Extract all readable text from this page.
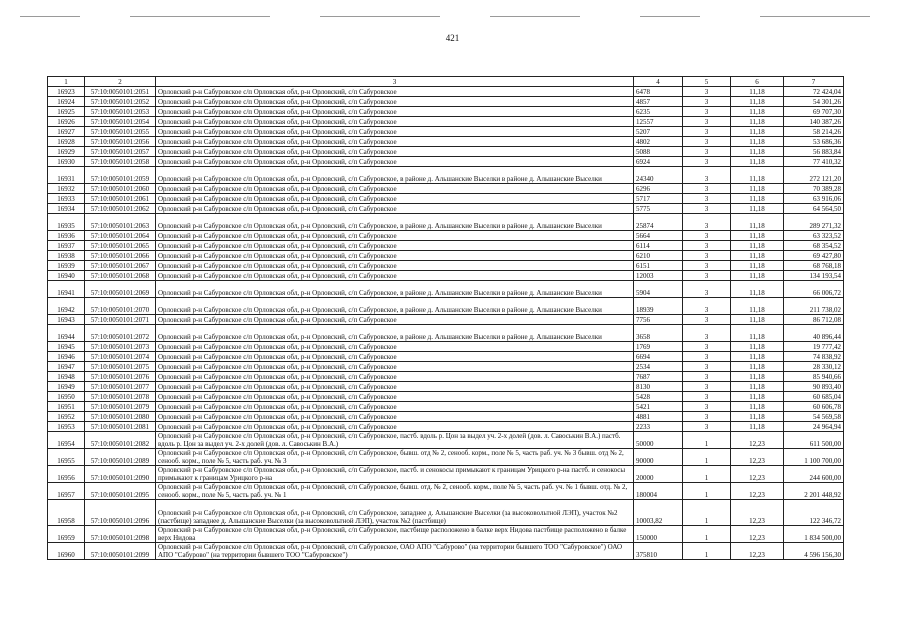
421
1	2	3	4	5	6	7
16923	57:10:0050101:2051	Орловский р-н Сабуровское с/п Орловская обл, р-н Орловский, с/п Сабуровское	6478	3	11,18	72 424,04
16924	57:10:0050101:2052	Орловский р-н Сабуровское с/п Орловская обл, р-н Орловский, с/п Сабуровское	4857	3	11,18	54 301,26
16925	57:10:0050101:2053	Орловский р-н Сабуровское с/п Орловская обл, р-н Орловский, с/п Сабуровское	6235	3	11,18	69 707,30
16926	57:10:0050101:2054	Орловский р-н Сабуровское с/п Орловская обл, р-н Орловский, с/п Сабуровское	12557	3	11,18	140 387,26
16927	57:10:0050101:2055	Орловский р-н Сабуровское с/п Орловская обл, р-н Орловский, с/п Сабуровское	5207	3	11,18	58 214,26
16928	57:10:0050101:2056	Орловский р-н Сабуровское с/п Орловская обл, р-н Орловский, с/п Сабуровское	4802	3	11,18	53 686,36
16929	57:10:0050101:2057	Орловский р-н Сабуровское с/п Орловская обл, р-н Орловский, с/п Сабуровское	5088	3	11,18	56 883,84
16930	57:10:0050101:2058	Орловский р-н Сабуровское с/п Орловская обл, р-н Орловский, с/п Сабуровское	6924	3	11,18	77 410,32
16931	57:10:0050101:2059	Орловский р-н Сабуровское с/п Орловская обл, р-н Орловский, с/п Сабуровское, в районе д. Альшанские Выселки в районе д. Альшанские Выселки	24340	3	11,18	272 121,20
16932	57:10:0050101:2060	Орловский р-н Сабуровское с/п Орловская обл, р-н Орловский, с/п Сабуровское	6296	3	11,18	70 389,28
16933	57:10:0050101:2061	Орловский р-н Сабуровское с/п Орловская обл, р-н Орловский, с/п Сабуровское	5717	3	11,18	63 916,06
16934	57:10:0050101:2062	Орловский р-н Сабуровское с/п Орловская обл, р-н Орловский, с/п Сабуровское	5775	3	11,18	64 564,50
16935	57:10:0050101:2063	Орловский р-н Сабуровское с/п Орловская обл, р-н Орловский, с/п Сабуровское, в районе д. Альшанские Выселки в районе д. Альшанские Выселки	25874	3	11,18	289 271,32
16936	57:10:0050101:2064	Орловский р-н Сабуровское с/п Орловская обл, р-н Орловский, с/п Сабуровское	5664	3	11,18	63 323,52
16937	57:10:0050101:2065	Орловский р-н Сабуровское с/п Орловская обл, р-н Орловский, с/п Сабуровское	6114	3	11,18	68 354,52
16938	57:10:0050101:2066	Орловский р-н Сабуровское с/п Орловская обл, р-н Орловский, с/п Сабуровское	6210	3	11,18	69 427,80
16939	57:10:0050101:2067	Орловский р-н Сабуровское с/п Орловская обл, р-н Орловский, с/п Сабуровское	6151	3	11,18	68 768,18
16940	57:10:0050101:2068	Орловский р-н Сабуровское с/п Орловская обл, р-н Орловский, с/п Сабуровское	12003	3	11,18	134 193,54
16941	57:10:0050101:2069	Орловский р-н Сабуровское с/п Орловская обл, р-н Орловский, с/п Сабуровское, в районе д. Альшанские Выселки в районе д. Альшанские Выселки	5904	3	11,18	66 006,72
16942	57:10:0050101:2070	Орловский р-н Сабуровское с/п Орловская обл, р-н Орловский, с/п Сабуровское, в районе д. Альшанские Выселки в районе д. Альшанские Выселки	18939	3	11,18	211 738,02
16943	57:10:0050101:2071	Орловский р-н Сабуровское с/п Орловская обл, р-н Орловский, с/п Сабуровское	7756	3	11,18	86 712,08
16944	57:10:0050101:2072	Орловский р-н Сабуровское с/п Орловская обл, р-н Орловский, с/п Сабуровское, в районе д. Альшанские Выселки в районе д. Альшанские Выселки	3658	3	11,18	40 896,44
16945	57:10:0050101:2073	Орловский р-н Сабуровское с/п Орловская обл, р-н Орловский, с/п Сабуровское	1769	3	11,18	19 777,42
16946	57:10:0050101:2074	Орловский р-н Сабуровское с/п Орловская обл, р-н Орловский, с/п Сабуровское	6694	3	11,18	74 838,92
16947	57:10:0050101:2075	Орловский р-н Сабуровское с/п Орловская обл, р-н Орловский, с/п Сабуровское	2534	3	11,18	28 330,12
16948	57:10:0050101:2076	Орловский р-н Сабуровское с/п Орловская обл, р-н Орловский, с/п Сабуровское	7687	3	11,18	85 940,66
16949	57:10:0050101:2077	Орловский р-н Сабуровское с/п Орловская обл, р-н Орловский, с/п Сабуровское	8130	3	11,18	90 893,40
16950	57:10:0050101:2078	Орловский р-н Сабуровское с/п Орловская обл, р-н Орловский, с/п Сабуровское	5428	3	11,18	60 685,04
16951	57:10:0050101:2079	Орловский р-н Сабуровское с/п Орловская обл, р-н Орловский, с/п Сабуровское	5421	3	11,18	60 606,78
16952	57:10:0050101:2080	Орловский р-н Сабуровское с/п Орловская обл, р-н Орловский, с/п Сабуровское	4881	3	11,18	54 569,58
16953	57:10:0050101:2081	Орловский р-н Сабуровское с/п Орловская обл, р-н Орловский, с/п Сабуровское	2233	3	11,18	24 964,94
16954	57:10:0050101:2082	Орловский р-н Сабуровское с/п Орловская обл, р-н Орловский, с/п Сабуровское, пастб. вдоль р. Цон за выдел уч. 2-х долей (дов. л. Савоськин В.А.) пастб. вдоль р. Цон за выдел уч. 2-х долей (дов. л. Савоськин В.А.)	50000	1	12,23	611 500,00
16955	57:10:0050101:2089	Орловский р-н Сабуровское с/п Орловская обл, р-н Орловский, с/п Сабуровское, бывш. отд № 2, сенооб. корм., поле № 5, часть раб. уч. № 3 бывш. отд № 2, сенооб. корм., поле № 5, часть раб. уч. № 3	90000	1	12,23	1 100 700,00
16956	57:10:0050101:2090	Орловский р-н Сабуровское с/п Орловская обл, р-н Орловский, с/п Сабуровское, пастб. и сенокосы примыкают к границам Урицкого р-на пастб. и сенокосы примыкают к границам Урицкого р-на	20000	1	12,23	244 600,00
16957	57:10:0050101:2095	Орловский р-н Сабуровское с/п Орловская обл, р-н Орловский, с/п Сабуровское, бывш. отд. № 2, сенооб. корм., поле № 5, часть раб. уч. № 1 бывш. отд. № 2, сенооб. корм., поле № 5, часть раб. уч. № 1	180004	1	12,23	2 201 448,92
16958	57:10:0050101:2096	Орловский р-н Сабуровское с/п Орловская обл, р-н Орловский, с/п Сабуровское, западнее д. Альшанские Выселки (за высоковольтной ЛЭП), участок №2 (пастбище) западнее д. Альшанские Выселки (за высоковольтной ЛЭП), участок №2 (пастбище)	10003,82	1	12,23	122 346,72
16959	57:10:0050101:2098	Орловский р-н Сабуровское с/п Орловская обл, р-н Орловский, с/п Сабуровское, пастбище расположено в балке верх Нидова пастбище расположено в балке верх Нидова	150000	1	12,23	1 834 500,00
16960	57:10:0050101:2099	Орловский р-н Сабуровское с/п Орловская обл, р-н Орловский, с/п Сабуровское, ОАО АПО "Сабурово" (на территории бывшего ТОО "Сабуровское") ОАО АПО "Сабурово" (на территории бывшего ТОО "Сабуровское")	375810	1	12,23	4 596 156,30
